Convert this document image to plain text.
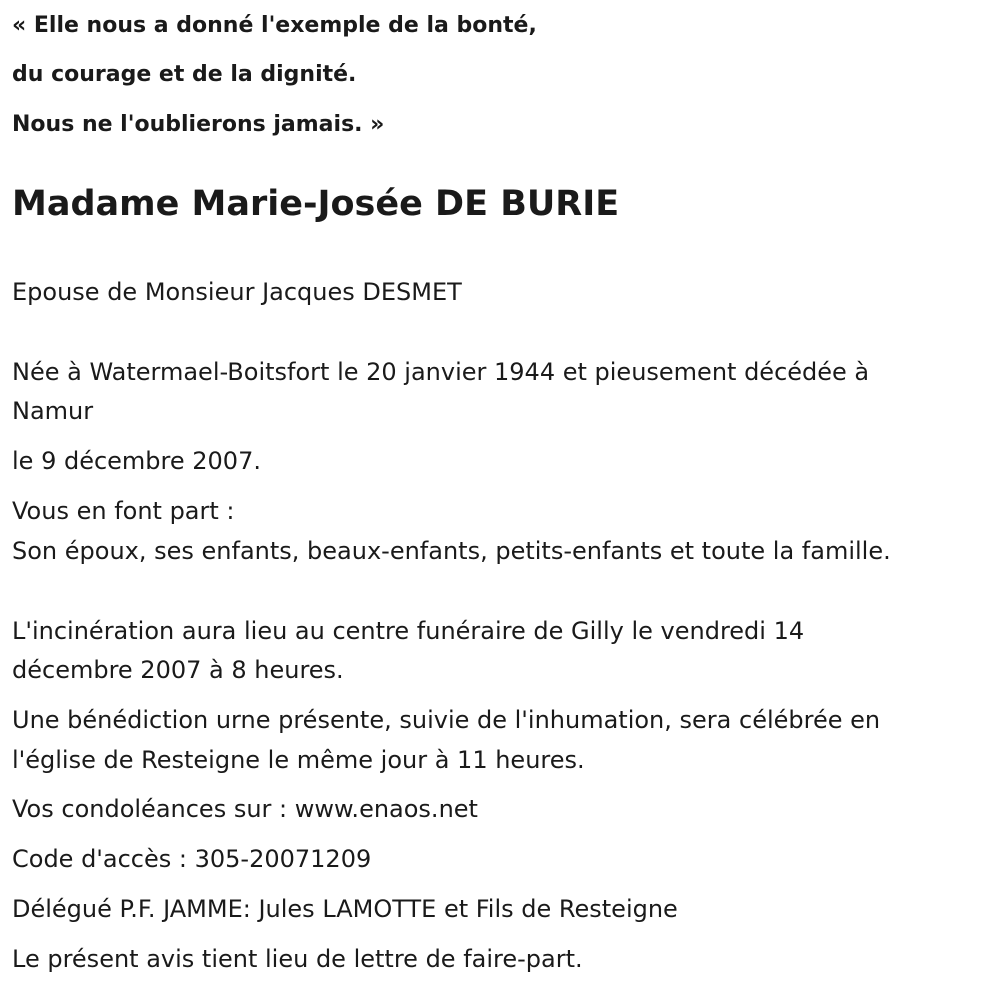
« Elle nous a donné l'exemple de la bonté,
du courage et de la dignité.
Nous ne l'oublierons jamais. »
Madame Marie-Josée DE BURIE
Epouse de Monsieur Jacques DESMET
Née à Watermael-Boitsfort le 20 janvier 1944 et pieusement décédée à
Namur
le 9 décembre 2007.
Vous en font part :
Son époux, ses enfants, beaux-enfants, petits-enfants et toute la famille.
L'incinération aura lieu au centre funéraire de Gilly le vendredi 14
décembre 2007 à 8 heures.
Une bénédiction urne présente, suivie de l'inhumation, sera célébrée en
l'église de Resteigne le même jour à 11 heures.
Vos condoléances sur : www.enaos.net
Code d'accès : 305-20071209
Délégué P.F. JAMME: Jules LAMOTTE et Fils de Resteigne
Le présent avis tient lieu de lettre de faire-part.
